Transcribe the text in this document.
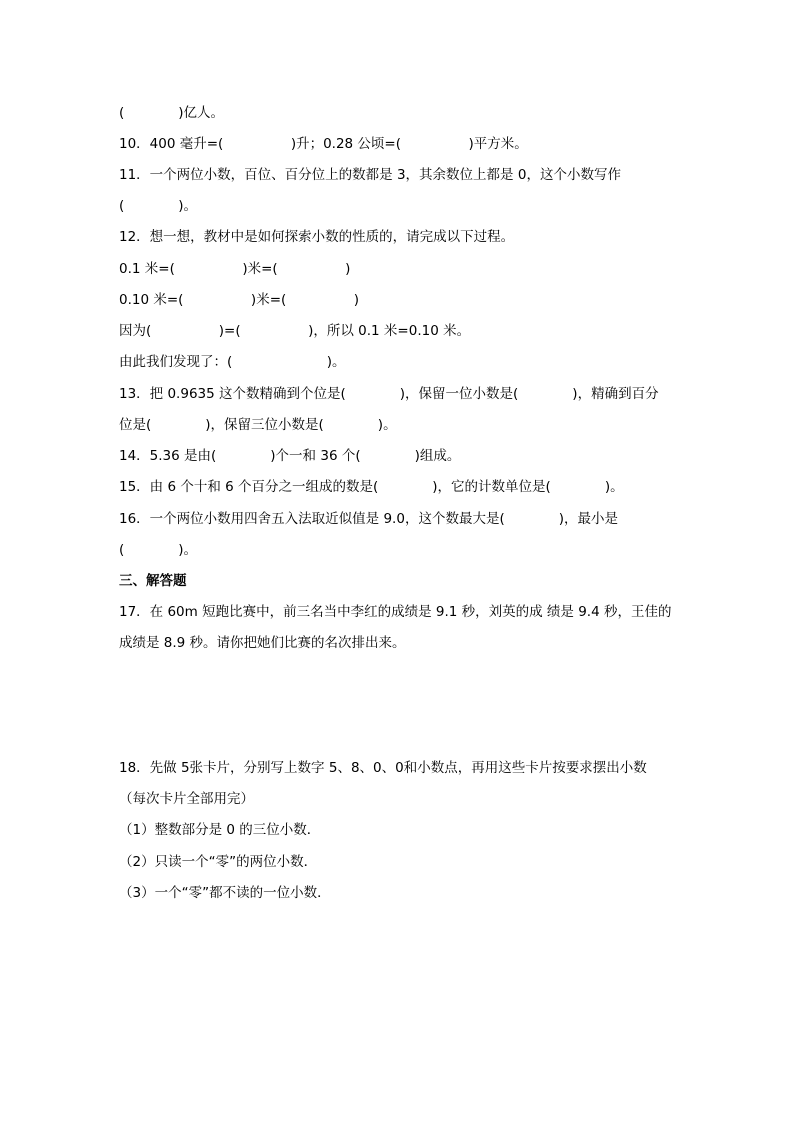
(　　　　)亿人。
10．400 毫升=(　　　　　)升；0.28 公顷=(　　　　　)平方米。
11．一个两位小数，百位、百分位上的数都是 3，其余数位上都是 0，这个小数写作
(　　　　)。
12．想一想，教材中是如何探索小数的性质的，请完成以下过程。
0.1 米=(　　　　　)米=(　　　　　)
0.10 米=(　　　　　)米=(　　　　　)
因为(　　　　　)=(　　　　　)，所以 0.1 米=0.10 米。
由此我们发现了：(　　　　　　　)。
13．把 0.9635 这个数精确到个位是(　　　　)，保留一位小数是(　　　　)，精确到百分
位是(　　　　)，保留三位小数是(　　　　)。
14．5.36 是由(　　　　)个一和 36 个(　　　　)组成。
15．由 6 个十和 6 个百分之一组成的数是(　　　　)，它的计数单位是(　　　　)。
16．一个两位小数用四舍五入法取近似值是 9.0，这个数最大是(　　　　)，最小是
(　　　　)。
三、解答题
17．在 60m 短跑比赛中，前三名当中李红的成绩是 9.1 秒，刘英的成 绩是 9.4 秒，王佳的
成绩是 8.9 秒。请你把她们比赛的名次排出来。
18．先做 5张卡片，分别写上数字 5、8、0、0和小数点，再用这些卡片按要求摆出小数
（每次卡片全部用完）
（1）整数部分是 0 的三位小数．
（2）只读一个“零”的两位小数．
（3）一个“零”都不读的一位小数．
